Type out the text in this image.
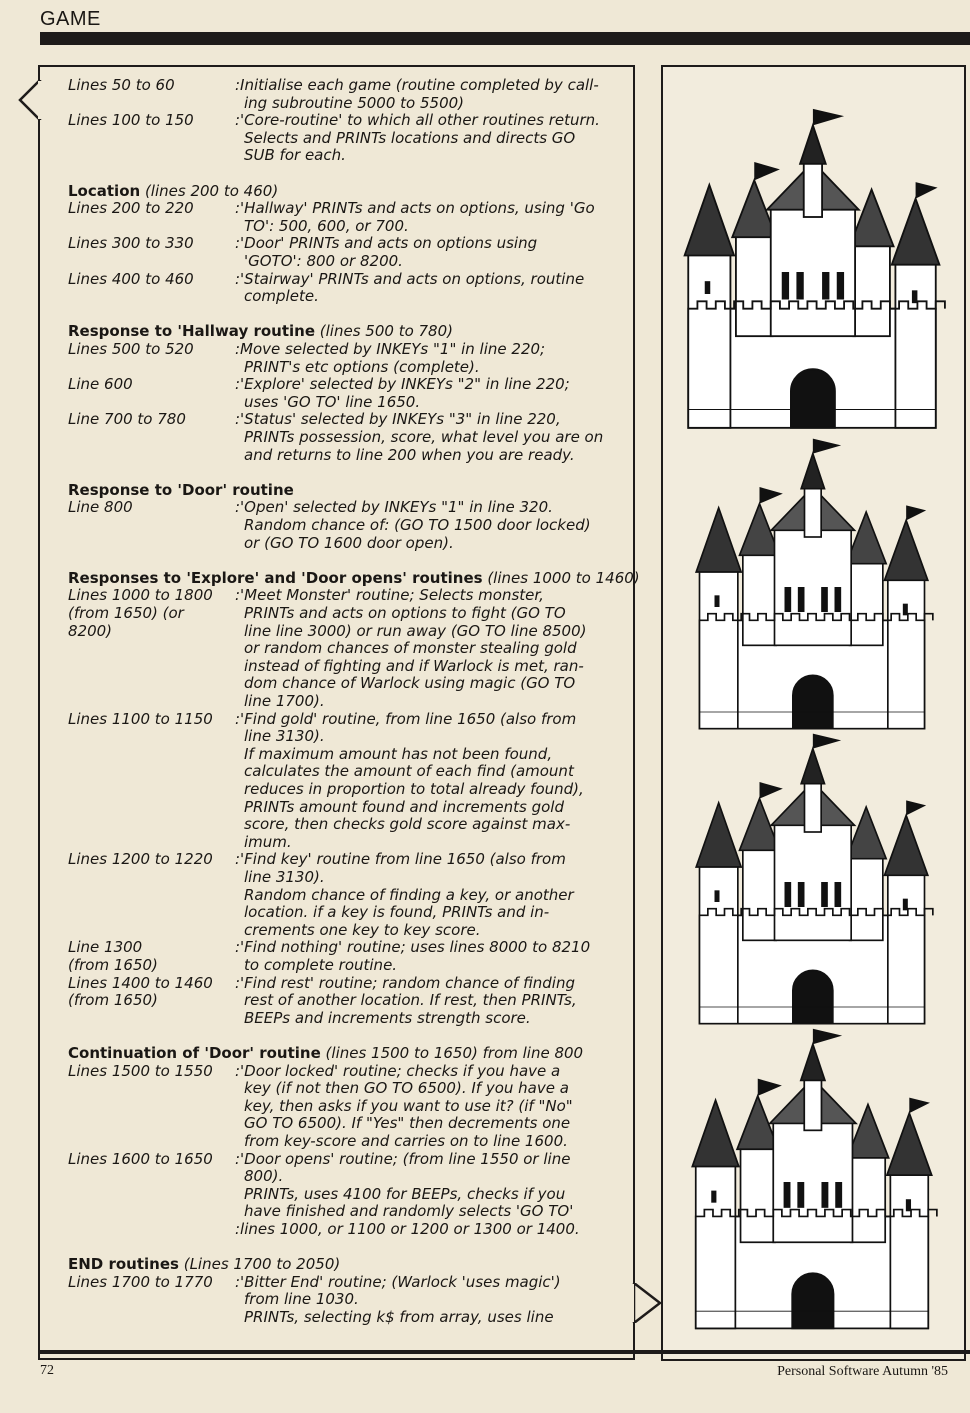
GAME
Lines 50 to 60	:Initialise each game (routine completed by call-
ing subroutine 5000 to 5500)
Lines 100 to 150	:'Core-routine' to which all other routines return.
Selects and PRINTs locations and directs GO
SUB for each.
Location (lines 200 to 460)
Lines 200 to 220	:'Hallway' PRINTs and acts on options, using 'Go
TO': 500, 600, or 700.
Lines 300 to 330	:'Door' PRINTs and acts on options using
'GOTO': 800 or 8200.
Lines 400 to 460	:'Stairway' PRINTs and acts on options, routine
complete.
Response to 'Hallway routine (lines 500 to 780)
Lines 500 to 520	:Move selected by INKEYs "1" in line 220;
PRINT's etc options (complete).
Line 600	:'Explore' selected by INKEYs "2" in line 220;
uses 'GO TO' line 1650.
Line 700 to 780	:'Status' selected by INKEYs "3" in line 220,
PRINTs possession, score, what level you are on
and returns to line 200 when you are ready.
Response to 'Door' routine
Line 800	:'Open' selected by INKEYs "1" in line 320.
Random chance of: (GO TO 1500 door locked)
or (GO TO 1600 door open).
Responses to 'Explore' and 'Door opens' routines (lines 1000 to 1460)
Lines 1000 to 1800
(from 1650) (or
8200)
:'Meet Monster' routine; Selects monster,
PRINTs and acts on options to fight (GO TO
line line 3000) or run away (GO TO line 8500)
or random chances of monster stealing gold
instead of fighting and if Warlock is met, ran-
dom chance of Warlock using magic (GO TO
line 1700).
Lines 1100 to 1150 :'Find gold' routine, from line 1650 (also from
line 3130).
If maximum amount has not been found,
calculates the amount of each find (amount
reduces in proportion to total already found),
PRINTs amount found and increments gold
score, then checks gold score against max-
imum.
Lines 1200 to 1220 :'Find key' routine from line 1650 (also from
line 3130).
Random chance of finding a key, or another
location. if a key is found, PRINTs and in-
crements one key to key score.
Line 1300
(from 1650)
:'Find nothing' routine; uses lines 8000 to 8210
to complete routine.
Lines 1400 to 1460
(from 1650)
:'Find rest' routine; random chance of finding
rest of another location. If rest, then PRINTs,
BEEPs and increments strength score.
Continuation of 'Door' routine (lines 1500 to 1650) from line 800
Lines 1500 to 1550 :'Door locked' routine; checks if you have a
key (if not then GO TO 6500). If you have a
key, then asks if you want to use it? (if "No"
GO TO 6500). If "Yes" then decrements one
from key-score and carries on to line 1600.
Lines 1600 to 1650 :'Door opens' routine; (from line 1550 or line
800).
PRINTs, uses 4100 for BEEPs, checks if you
have finished and randomly selects 'GO TO'
:lines 1000, or 1100 or 1200 or 1300 or 1400.
END routines (Lines 1700 to 2050)
Lines 1700 to 1770 :'Bitter End' routine; (Warlock 'uses magic')
from line 1030.
PRINTs, selecting k$ from array, uses line
72	Personal Software Autumn '85
